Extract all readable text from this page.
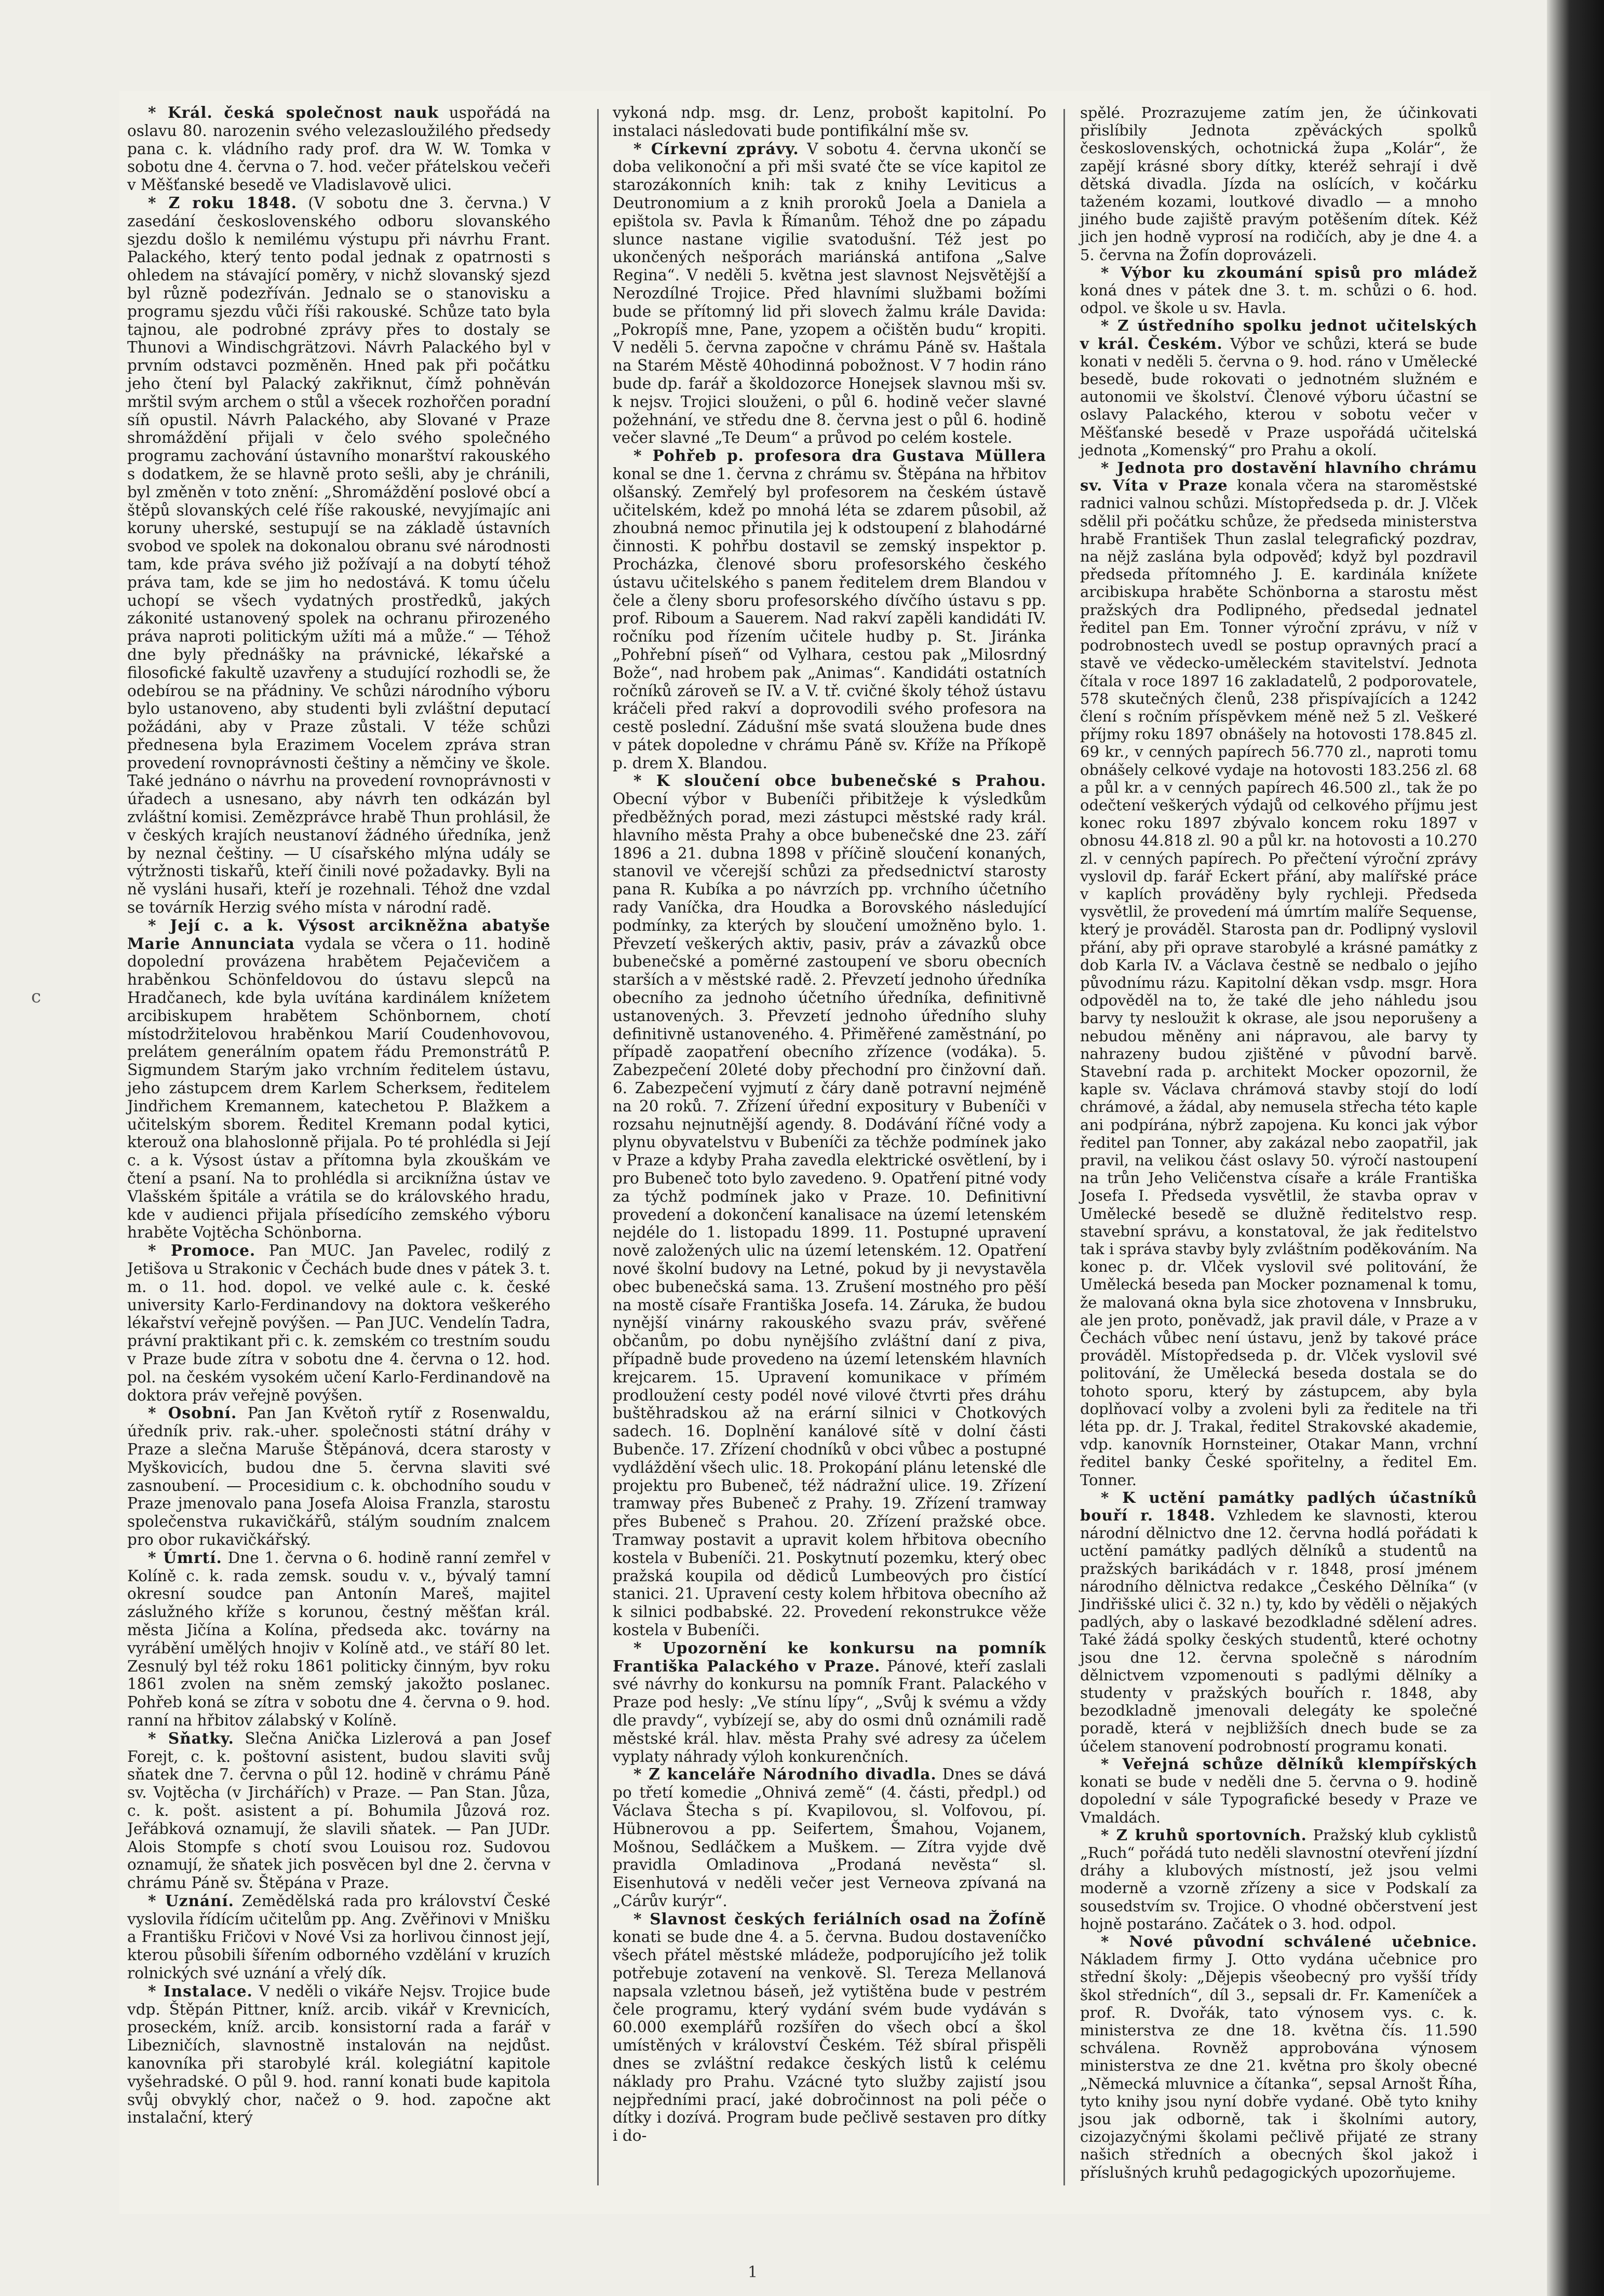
* Král. česká společnost nauk uspořádá na oslavu 80. narozenin svého velezasloužilého předsedy pana c. k. vládního rady prof. dra W. W. Tomka v sobotu dne 4. června o 7. hod. večer přátelskou večeři v Měšťanské besedě ve Vladislavově ulici.

* Z roku 1848. (V sobotu dne 3. června.) V zasedání československého odboru slovanského sjezdu došlo k nemilému výstupu při návrhu Frant. Palackého, který tento podal jednak z opatrnosti s ohledem na stávající poměry, v nichž slovanský sjezd byl různě podezříván. Jednalo se o stanovisku a programu sjezdu vůči říši rakouské. Schůze tato byla tajnou, ale podrobné zprávy přes to dostaly se Thunovi a Windischgrätzovi. Návrh Palackého byl v prvním odstavci pozměněn. Hned pak při počátku jeho čtení byl Palacký zakřiknut, čímž pohněván mrštil svým archem o stůl a všecek rozhořčen poradní síň opustil. Návrh Palackého, aby Slované v Praze shromáždění přijali v čelo svého společného programu zachování ústavního monarštví rakouského s dodatkem, že se hlavně proto sešli, aby je chránili, byl změněn v toto znění: „Shromáždění poslové obcí a štěpů slovanských celé říše rakouské, nevyjímajíc ani koruny uherské, sestupují se na základě ústavních svobod ve spolek na dokonalou obranu své národnosti tam, kde práva svého již požívají a na dobytí téhož práva tam, kde se jim ho nedostává. K tomu účelu uchopí se všech vydatných prostředků, jakých zákonité ustanovený spolek na ochranu přirozeného práva naproti politickým užíti má a může.“ — Téhož dne byly přednášky na právnické, lékařské a filosofické fakultě uzavřeny a studující rozhodli se, že odebírou se na přádniny. Ve schůzi národního výboru bylo ustanoveno, aby studenti byli zvláštní deputací požádáni, aby v Praze zůstali. V téže schůzi přednesena byla Erazimem Vocelem zpráva stran provedení rovnoprávnosti češtiny a němčiny ve škole. Také jednáno o návrhu na provedení rovnoprávnosti v úřadech a usnesano, aby návrh ten odkázán byl zvláštní komisi. Zemězprávce hrabě Thun prohlásil, že v českých krajích neustanoví žádného úředníka, jenž by neznal češtiny. — U císařského mlýna udály se výtržnosti tiskařů, kteří činili nové požadavky. Byli na ně vysláni husaři, kteří je rozehnali. Téhož dne vzdal se továrník Herzig svého místa v národní radě.

* Její c. a k. Výsost arcikněžna abatyše Marie Annunciata vydala se včera o 11. hodině dopolední provázena hrabětem Pejačevičem a hraběnkou Schönfeldovou do ústavu slepců na Hradčanech, kde byla uvítána kardinálem knížetem arcibiskupem hrabětem Schönbornem, chotí místodržitelovou hraběnkou Marií Coudenhovovou, prelátem generálním opatem řádu Premonstrátů P. Sigmundem Starým jako vrchním ředitelem ústavu, jeho zástupcem drem Karlem Scherksem, ředitelem Jindřichem Kremannem, katechetou P. Blažkem a učitelským sborem. Ředitel Kremann podal kytici, kterouž ona blahoslonně přijala. Po té prohlédla si Její c. a k. Výsost ústav a přítomna byla zkouškám ve čtení a psaní. Na to prohlédla si arciknížna ústav ve Vlašském špitále a vrátila se do královského hradu, kde v audienci přijala přísedícího zemského výboru hraběte Vojtěcha Schönborna.

* Promoce. Pan MUC. Jan Pavelec, rodilý z Jetišova u Strakonic v Čechách bude dnes v pátek 3. t. m. o 11. hod. dopol. ve velké aule c. k. české university Karlo-Ferdinandovy na doktora veškerého lékařství veřejně povýšen. — Pan JUC. Vendelín Tadra, právní praktikant při c. k. zemském co trestním soudu v Praze bude zítra v sobotu dne 4. června o 12. hod. pol. na českém vysokém učení Karlo-Ferdinandově na doktora práv veřejně povýšen.

* Osobní. Pan Jan Květoň rytíř z Rosenwaldu, úředník priv. rak.-uher. společnosti státní dráhy v Praze a slečna Maruše Štěpánová, dcera starosty v Myškovicích, budou dne 5. června slaviti své zasnoubení. — Procesidium c. k. obchodního soudu v Praze jmenovalo pana Josefa Aloisa Franzla, starostu společenstva rukavičkářů, stálým soudním znalcem pro obor rukavičkářský.

* Úmrtí. Dne 1. června o 6. hodině ranní zemřel v Kolíně c. k. rada zemsk. soudu v. v., bývalý tamní okresní soudce pan Antonín Mareš, majitel záslužného kříže s korunou, čestný měšťan král. města Jičína a Kolína, předseda akc. továrny na vyrábění umělých hnojiv v Kolíně atd., ve stáří 80 let. Zesnulý byl též roku 1861 politicky činným, byv roku 1861 zvolen na sněm zemský jakožto poslanec. Pohřeb koná se zítra v sobotu dne 4. června o 9. hod. ranní na hřbitov zálabský v Kolíně.

* Sňatky. Slečna Anička Lizlerová a pan Josef Forejt, c. k. poštovní asistent, budou slaviti svůj sňatek dne 7. června o půl 12. hodině v chrámu Páně sv. Vojtěcha (v Jirchářích) v Praze. — Pan Stan. Jůza, c. k. pošt. asistent a pí. Bohumila Jůzová roz. Jeřábková oznamují, že slavili sňatek. — Pan JUDr. Alois Stompfe s chotí svou Louisou roz. Sudovou oznamují, že sňatek jich posvěcen byl dne 2. června v chrámu Páně sv. Štěpána v Praze.

* Uznání. Zemědělská rada pro království České vyslovila řídícím učitelům pp. Ang. Zvěřinovi v Mnišku a Františku Fričovi v Nové Vsi za horlivou činnost její, kterou působili šířením odborného vzdělání v kruzích rolnických své uznání a vřelý dík.

* Instalace. V neděli o vikáře Nejsv. Trojice bude vdp. Štěpán Pittner, kníž. arcib. vikář v Krevnicích, proseckém, kníž. arcib. konsistorní rada a farář v Libezničích, slavnostně instalován na nejdůst. kanovníka při starobylé král. kolegiátní kapitole vyšehradské. O půl 9. hod. ranní konati bude kapitola svůj obvyklý chor, načež o 9. hod. započne akt instalační, který

vykoná ndp. msg. dr. Lenz, probošt kapitolní. Po instalaci následovati bude pontifikální mše sv.

* Církevní zprávy. V sobotu 4. června ukončí se doba velikonoční a při mši svaté čte se více kapitol ze starozákonních knih: tak z knihy Leviticus a Deutronomium a z knih proroků Joela a Daniela a epištola sv. Pavla k Římanům. Téhož dne po západu slunce nastane vigilie svatodušní. Též jest po ukončených nešporách mariánská antifona „Salve Regina“. V neděli 5. května jest slavnost Nejsvětější a Nerozdílné Trojice. Před hlavními službami božími bude se přítomný lid při slovech žalmu krále Davida: „Pokropíš mne, Pane, yzopem a očištěn budu“ kropiti. V neděli 5. června započne v chrámu Páně sv. Haštala na Starém Městě 40hodinná pobožnost. V 7 hodin ráno bude dp. farář a školdozorce Honejsek slavnou mši sv. k nejsv. Trojici slouženi, o půl 6. hodině večer slavné požehnání, ve středu dne 8. června jest o půl 6. hodině večer slavné „Te Deum“ a průvod po celém kostele.

* Pohřeb p. profesora dra Gustava Müllera konal se dne 1. června z chrámu sv. Štěpána na hřbitov olšanský. Zemřelý byl profesorem na českém ústavě učitelském, kdež po mnohá léta se zdarem působil, až zhoubná nemoc přinutila jej k odstoupení z blahodárné činnosti. K pohřbu dostavil se zemský inspektor p. Procházka, členové sboru profesorského českého ústavu učitelského s panem ředitelem drem Blandou v čele a členy sboru profesorského dívčího ústavu s pp. prof. Riboum a Sauerem. Nad rakví zapěli kandidáti IV. ročníku pod řízením učitele hudby p. St. Jiránka „Pohřební píseň“ od Vylhara, cestou pak „Milosrdný Bože“, nad hrobem pak „Animas“. Kandidáti ostatních ročníků zároveň se IV. a V. tř. cvičné školy téhož ústavu kráčeli před rakví a doprovodili svého profesora na cestě poslední. Zádušní mše svatá sloužena bude dnes v pátek dopoledne v chrámu Páně sv. Kříže na Příkopě p. drem X. Blandou.

* K sloučení obce bubenečské s Prahou. Obecní výbor v Bubeníči přibitžeje k výsledkům předběžných porad, mezi zástupci městské rady král. hlavního města Prahy a obce bubenečské dne 23. září 1896 a 21. dubna 1898 v příčině sloučení konaných, stanovil ve včerejší schůzi za předsednictví starosty pana R. Kubíka a po návrzích pp. vrchního účetního rady Vaníčka, dra Houdka a Borovského následující podmínky, za kterých by sloučení umožněno bylo. 1. Převzetí veškerých aktiv, pasiv, práv a závazků obce bubenečské a poměrné zastoupení ve sboru obecních starších a v městské radě. 2. Převzetí jednoho úředníka obecního za jednoho účetního úředníka, definitivně ustanovených. 3. Převzetí jednoho úředního sluhy definitivně ustanoveného. 4. Přiměřené zaměstnání, po případě zaopatření obecního zřízence (vodáka). 5. Zabezpečení 20leté doby přechodní pro činžovní daň. 6. Zabezpečení vyjmutí z čáry daně potravní nejméně na 20 roků. 7. Zřízení úřední expositury v Bubeníči v rozsahu nejnutnější agendy. 8. Dodávání říčné vody a plynu obyvatelstvu v Bubeníči za těchže podmínek jako v Praze a kdyby Praha zavedla elektrické osvětlení, by i pro Bubeneč toto bylo zavedeno. 9. Opatření pitné vody za týchž podmínek jako v Praze. 10. Definitivní provedení a dokončení kanalisace na území letenském nejdéle do 1. listopadu 1899. 11. Postupné upravení nově založených ulic na území letenském. 12. Opatření nové školní budovy na Letné, pokud by ji nevystavěla obec bubenečská sama. 13. Zrušení mostného pro pěší na mostě císaře Františka Josefa. 14. Záruka, že budou nynější vinárny rakouského svazu práv, svěřené občanům, po dobu nynějšího zvláštní daní z piva, případně bude provedeno na území letenském hlavních krejcarem. 15. Upravení komunikace v přímém prodloužení cesty podél nové vilové čtvrti přes dráhu buštěhradskou až na erární silnici v Chotkových sadech. 16. Doplnění kanálové sítě v dolní části Bubenče. 17. Zřízení chodníků v obci vůbec a postupné vydláždění všech ulic. 18. Prokopání plánu letenské dle projektu pro Bubeneč, též nádražní ulice. 19. Zřízení tramway přes Bubeneč z Prahy. 19. Zřízení tramway přes Bubeneč s Prahou. 20. Zřízení pražské obce. Tramway postavit a upravit kolem hřbitova obecního kostela v Bubeníči. 21. Poskytnutí pozemku, který obec pražská koupila od dědiců Lumbeových pro čistící stanici. 21. Upravení cesty kolem hřbitova obecního až k silnici podbabské. 22. Provedení rekonstrukce věže kostela v Bubeníči.

* Upozornění ke konkursu na pomník Františka Palackého v Praze. Pánové, kteří zaslali své návrhy do konkursu na pomník Frant. Palackého v Praze pod hesly: „Ve stínu lípy“, „Svůj k svému a vždy dle pravdy“, vybízejí se, aby do osmi dnů oznámili radě městské král. hlav. města Prahy své adresy za účelem vyplaty náhrady výloh konkurenčních.

* Z kanceláře Národního divadla. Dnes se dává po třetí komedie „Ohnivá země“ (4. části, předpl.) od Václava Štecha s pí. Kvapilovou, sl. Volfovou, pí. Hübnerovou a pp. Seifertem, Šmahou, Vojanem, Mošnou, Sedláčkem a Muškem. — Zítra vyjde dvě pravidla Omladinova „Prodaná nevěsta“ sl. Eisenhutová v neděli večer jest Verneova zpívaná na „Cárův kurýr“.

* Slavnost českých feriálních osad na Žofíně konati se bude dne 4. a 5. června. Budou dostaveníčko všech přátel městské mládeže, podporujícího jež tolik potřebuje zotavení na venkově. Sl. Tereza Mellanová napsala vzletnou báseň, jež vytištěna bude v pestrém čele programu, který vydání svém bude vydáván s 60.000 exemplářů rozšířen do všech obcí a škol umístěných v království Českém. Též sbíral přispěli dnes se zvláštní redakce českých listů k celému náklady pro Prahu. Vzácné tyto služby zajistí jsou nejpředními prací, jaké dobročinnost na poli péče o dítky i dozívá. Program bude pečlivě sestaven pro dítky i do-

spělé. Prozrazujeme zatím jen, že účinkovati přislíbily Jednota zpěváckých spolků československých, ochotnická župa „Kolár“, že zapějí krásné sbory dítky, kteréž sehrají i dvě dětská divadla. Jízda na oslících, v kočárku taženém kozami, loutkové divadlo — a mnoho jiného bude zajiště pravým potěšením dítek. Kéž jich jen hodně vyprosí na rodičích, aby je dne 4. a 5. června na Žofín doprovázeli.

* Výbor ku zkoumání spisů pro mládež koná dnes v pátek dne 3. t. m. schůzi o 6. hod. odpol. ve škole u sv. Havla.

* Z ústředního spolku jednot učitelských v král. Českém. Výbor ve schůzi, která se bude konati v neděli 5. června o 9. hod. ráno v Umělecké besedě, bude rokovati o jednotném služném e autonomii ve školství. Členové výboru účastní se oslavy Palackého, kterou v sobotu večer v Měšťanské besedě v Praze uspořádá učitelská jednota „Komenský“ pro Prahu a okolí.

* Jednota pro dostavění hlavního chrámu sv. Víta v Praze konala včera na staroměstské radnici valnou schůzi. Místopředseda p. dr. J. Vlček sdělil při počátku schůze, že předseda ministerstva hrabě František Thun zaslal telegrafický pozdrav, na nějž zaslána byla odpověď; když byl pozdravil předseda přítomného J. E. kardinála knížete arcibiskupa hraběte Schönborna a starostu měst pražských dra Podlipného, předsedal jednatel ředitel pan Em. Tonner výroční zprávu, v níž v podrobnostech uvedl se postup opravných prací a stavě ve vědecko-uměleckém stavitelství. Jednota čítala v roce 1897 16 zakladatelů, 2 podporovatele, 578 skutečných členů, 238 přispívajících a 1242 člení s ročním příspěvkem méně než 5 zl. Veškeré příjmy roku 1897 obnášely na hotovosti 178.845 zl. 69 kr., v cenných papírech 56.770 zl., naproti tomu obnášely celkové vydaje na hotovosti 183.256 zl. 68 a půl kr. a v cenných papírech 46.500 zl., tak že po odečtení veškerých výdajů od celkového příjmu jest konec roku 1897 zbývalo koncem roku 1897 v obnosu 44.818 zl. 90 a půl kr. na hotovosti a 10.270 zl. v cenných papírech. Po přečtení výroční zprávy vyslovil dp. farář Eckert přání, aby malířské práce v kaplích prováděny byly rychleji. Předseda vysvětlil, že provedení má úmrtím malíře Sequense, který je prováděl. Starosta pan dr. Podlipný vyslovil přání, aby při oprave starobylé a krásné památky z dob Karla IV. a Václava čestně se nedbalo o jejího původnímu rázu. Kapitolní děkan vsdp. msgr. Hora odpověděl na to, že také dle jeho náhledu jsou barvy ty nesloužit k okrase, ale jsou neporušeny a nebudou měněny ani nápravou, ale barvy ty nahrazeny budou zjištěné v původní barvě. Stavební rada p. architekt Mocker opozornil, že kaple sv. Václava chrámová stavby stojí do lodí chrámové, a žádal, aby nemusela střecha této kaple ani podpírána, nýbrž zapojena. Ku konci jak výbor ředitel pan Tonner, aby zakázal nebo zaopatřil, jak pravil, na velikou část oslavy 50. výročí nastoupení na trůn Jeho Veličenstva císaře a krále Františka Josefa I. Předseda vysvětlil, že stavba oprav v Umělecké besedě se dlužně ředitelstvo resp. stavební správu, a konstatoval, že jak ředitelstvo tak i správa stavby byly zvláštním poděkováním. Na konec p. dr. Vlček vyslovil své politování, že Umělecká beseda pan Mocker poznamenal k tomu, že malovaná okna byla sice zhotovena v Innsbruku, ale jen proto, poněvadž, jak pravil dále, v Praze a v Čechách vůbec není ústavu, jenž by takové práce prováděl. Místopředseda p. dr. Vlček vyslovil své politování, že Umělecká beseda dostala se do tohoto sporu, který by zástupcem, aby byla doplňovací volby a zvoleni byli za ředitele na tři léta pp. dr. J. Trakal, ředitel Strakovské akademie, vdp. kanovník Hornsteiner, Otakar Mann, vrchní ředitel banky České spořitelny, a ředitel Em. Tonner.

* K uctění památky padlých účastníků bouří r. 1848. Vzhledem ke slavnosti, kterou národní dělnictvo dne 12. června hodlá pořádati k uctění památky padlých dělníků a studentů na pražských barikádách v r. 1848, prosí jménem národního dělnictva redakce „Českého Dělníka“ (v Jindřišské ulici č. 32 n.) ty, kdo by věděli o nějakých padlých, aby o laskavé bezodkladné sdělení adres. Také žádá spolky českých studentů, které ochotny jsou dne 12. června společně s národním dělnictvem vzpomenouti s padlými dělníky a studenty v pražských bouřích r. 1848, aby bezodkladně jmenovali delegáty ke společné poradě, která v nejbližších dnech bude se za účelem stanovení podrobností programu konati.

* Veřejná schůze dělníků klempířských konati se bude v neděli dne 5. června o 9. hodině dopolední v sále Typografické besedy v Praze ve Vmaldách.

* Z kruhů sportovních. Pražský klub cyklistů „Ruch“ pořádá tuto neděli slavnostní otevření jízdní dráhy a klubových místností, jež jsou velmi moderně a vzorně zřízeny a sice v Podskalí za sousedstvím sv. Trojice. O vhodné občerstvení jest hojně postaráno. Začátek o 3. hod. odpol.

* Nové původní schválené učebnice. Nákladem firmy J. Otto vydána učebnice pro střední školy: „Dějepis všeobecný pro vyšší třídy škol středních“, díl 3., sepsali dr. Fr. Kameníček a prof. R. Dvořák, tato výnosem vys. c. k. ministerstva ze dne 18. května čís. 11.590 schválena. Rovněž approbována výnosem ministerstva ze dne 21. května pro školy obecné „Německá mluvnice a čítanka“, sepsal Arnošt Říha, tyto knihy jsou nyní dobře vydané. Obě tyto knihy jsou jak odborně, tak i školními autory, cizojazyčnými školami pečlivě přijaté ze strany našich středních a obecných škol jakož i příslušných kruhů pedagogických upozorňujeme.

c
1
